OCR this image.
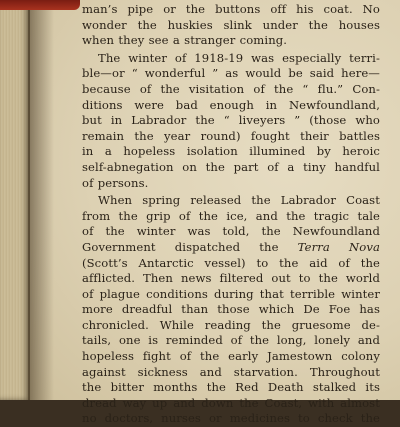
man’s pipe or the buttons off his coat. No
wonder the huskies slink under the houses
when they see a stranger coming.
The winter of 1918-19 was especially terri-
ble—or “ wonderful ” as would be said here—
because of the visitation of the “ flu.” Con-
ditions were bad enough in Newfoundland,
but in Labrador the “ liveyers ” (those who
remain the year round) fought their battles
in a hopeless isolation illumined by heroic
self-abnegation on the part of a tiny handful
of persons.
When spring released the Labrador Coast
from the grip of the ice, and the tragic tale
of the winter was told, the Newfoundland
Government dispatched the Terra Nova
(Scott’s Antarctic vessel) to the aid of the
afflicted. Then news filtered out to the world
of plague conditions during that terrible winter
more dreadful than those which De Foe has
chronicled. While reading the gruesome de-
tails, one is reminded of the long, lonely and
hopeless fight of the early Jamestown colony
against sickness and starvation. Throughout
the bitter months the Red Death stalked its
dread way up and down the Coast, with almost
no doctors, nurses or medicines to check the
